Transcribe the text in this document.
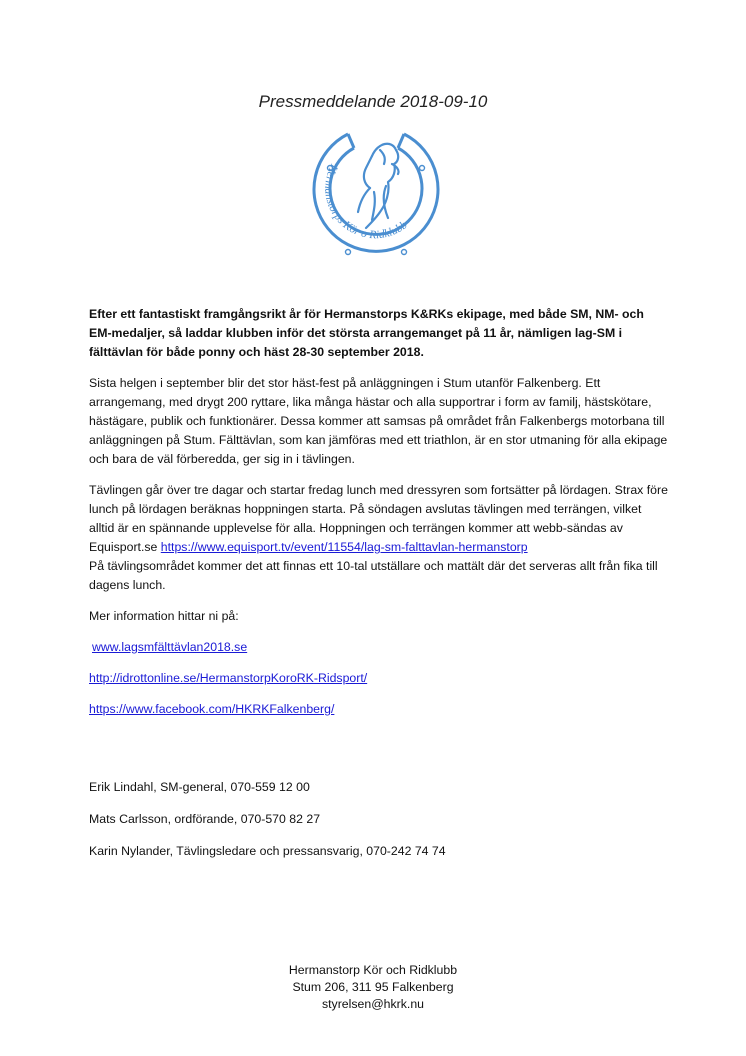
Pressmeddelande 2018-09-10
Hermanstorps Kör o Ridklubb

Efter ett fantastiskt framgångsrikt år för Hermanstorps K&RKs ekipage, med både SM, NM- och EM-medaljer, så laddar klubben inför det största arrangemanget på 11 år, nämligen lag-SM i fälttävlan för både ponny och häst 28-30 september 2018.

Sista helgen i september blir det stor häst-fest på anläggningen i Stum utanför Falkenberg. Ett arrangemang, med drygt 200 ryttare, lika många hästar och alla supportrar i form av familj, hästskötare, hästägare, publik och funktionärer. Dessa kommer att samsas på området från Falkenbergs motorbana till anläggningen på Stum. Fälttävlan, som kan jämföras med ett triathlon, är en stor utmaning för alla ekipage och bara de väl förberedda, ger sig in i tävlingen.

Tävlingen går över tre dagar och startar fredag lunch med dressyren som fortsätter på lördagen. Strax före lunch på lördagen beräknas hoppningen starta. På söndagen avslutas tävlingen med terrängen, vilket alltid är en spännande upplevelse för alla. Hoppningen och terrängen kommer att webb-sändas av Equisport.se https://www.equisport.tv/event/11554/lag-sm-falttavlan-hermanstorp
På tävlingsområdet kommer det att finnas ett 10-tal utställare och mattält där det serveras allt från fika till dagens lunch.

Mer information hittar ni på:

www.lagsmfälttävlan2018.se

http://idrottonline.se/HermanstorpKoroRK-Ridsport/

https://www.facebook.com/HKRKFalkenberg/

Erik Lindahl, SM-general, 070-559 12 00

Mats Carlsson, ordförande, 070-570 82 27

Karin Nylander, Tävlingsledare och pressansvarig, 070-242 74 74

Hermanstorp Kör och Ridklubb
Stum 206, 311 95 Falkenberg
styrelsen@hkrk.nu
